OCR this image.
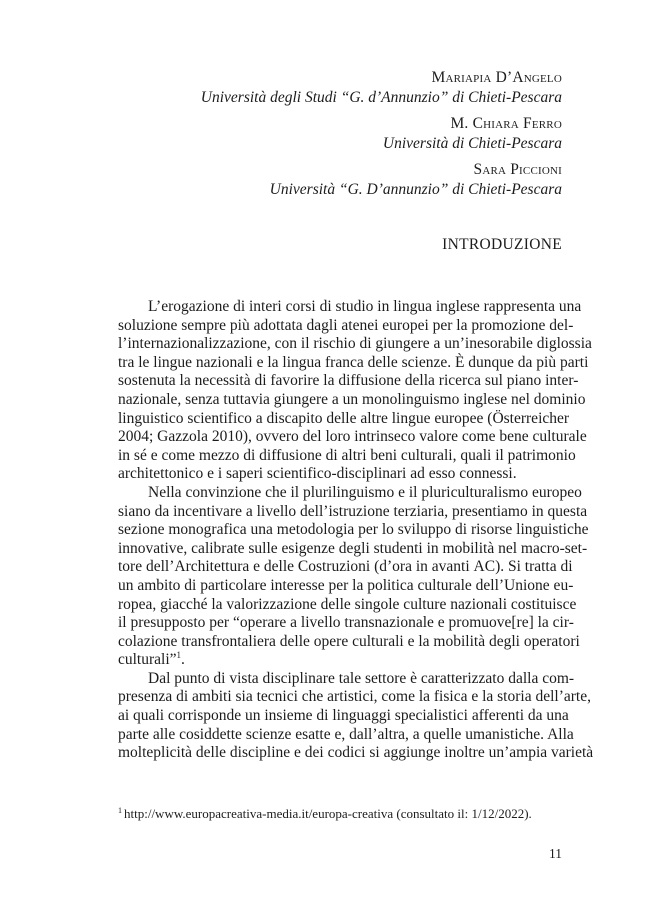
Mariapia D’Angelo
Università degli Studi “G. d’Annunzio” di Chieti-Pescara
M. Chiara Ferro
Università di Chieti-Pescara
Sara Piccioni
Università “G. D’annunzio” di Chieti-Pescara
INTRODUZIONE
L’erogazione di interi corsi di studio in lingua inglese rappresenta una
soluzione sempre più adottata dagli atenei europei per la promozione del-
l’internazionalizzazione, con il rischio di giungere a un’inesorabile diglossia
tra le lingue nazionali e la lingua franca delle scienze. È dunque da più parti
sostenuta la necessità di favorire la diffusione della ricerca sul piano inter-
nazionale, senza tuttavia giungere a un monolinguismo inglese nel dominio
linguistico scientifico a discapito delle altre lingue europee (Österreicher
2004; Gazzola 2010), ovvero del loro intrinseco valore come bene culturale
in sé e come mezzo di diffusione di altri beni culturali, quali il patrimonio
architettonico e i saperi scientifico-disciplinari ad esso connessi.
Nella convinzione che il plurilinguismo e il pluriculturalismo europeo
siano da incentivare a livello dell’istruzione terziaria, presentiamo in questa
sezione monografica una metodologia per lo sviluppo di risorse linguistiche
innovative, calibrate sulle esigenze degli studenti in mobilità nel macro-set-
tore dell’Architettura e delle Costruzioni (d’ora in avanti AC). Si tratta di
un ambito di particolare interesse per la politica culturale dell’Unione eu-
ropea, giacché la valorizzazione delle singole culture nazionali costituisce
il presupposto per “operare a livello transnazionale e promuove[re] la cir-
colazione transfrontaliera delle opere culturali e la mobilità degli operatori
culturali”$^1$.
Dal punto di vista disciplinare tale settore è caratterizzato dalla com-
presenza di ambiti sia tecnici che artistici, come la fisica e la storia dell’arte,
ai quali corrisponde un insieme di linguaggi specialistici afferenti da una
parte alle cosiddette scienze esatte e, dall’altra, a quelle umanistiche. Alla
molteplicità delle discipline e dei codici si aggiunge inoltre un’ampia varietà
$^1$ http://www.europacreativa-media.it/europa-creativa (consultato il: 1/12/2022).
11
